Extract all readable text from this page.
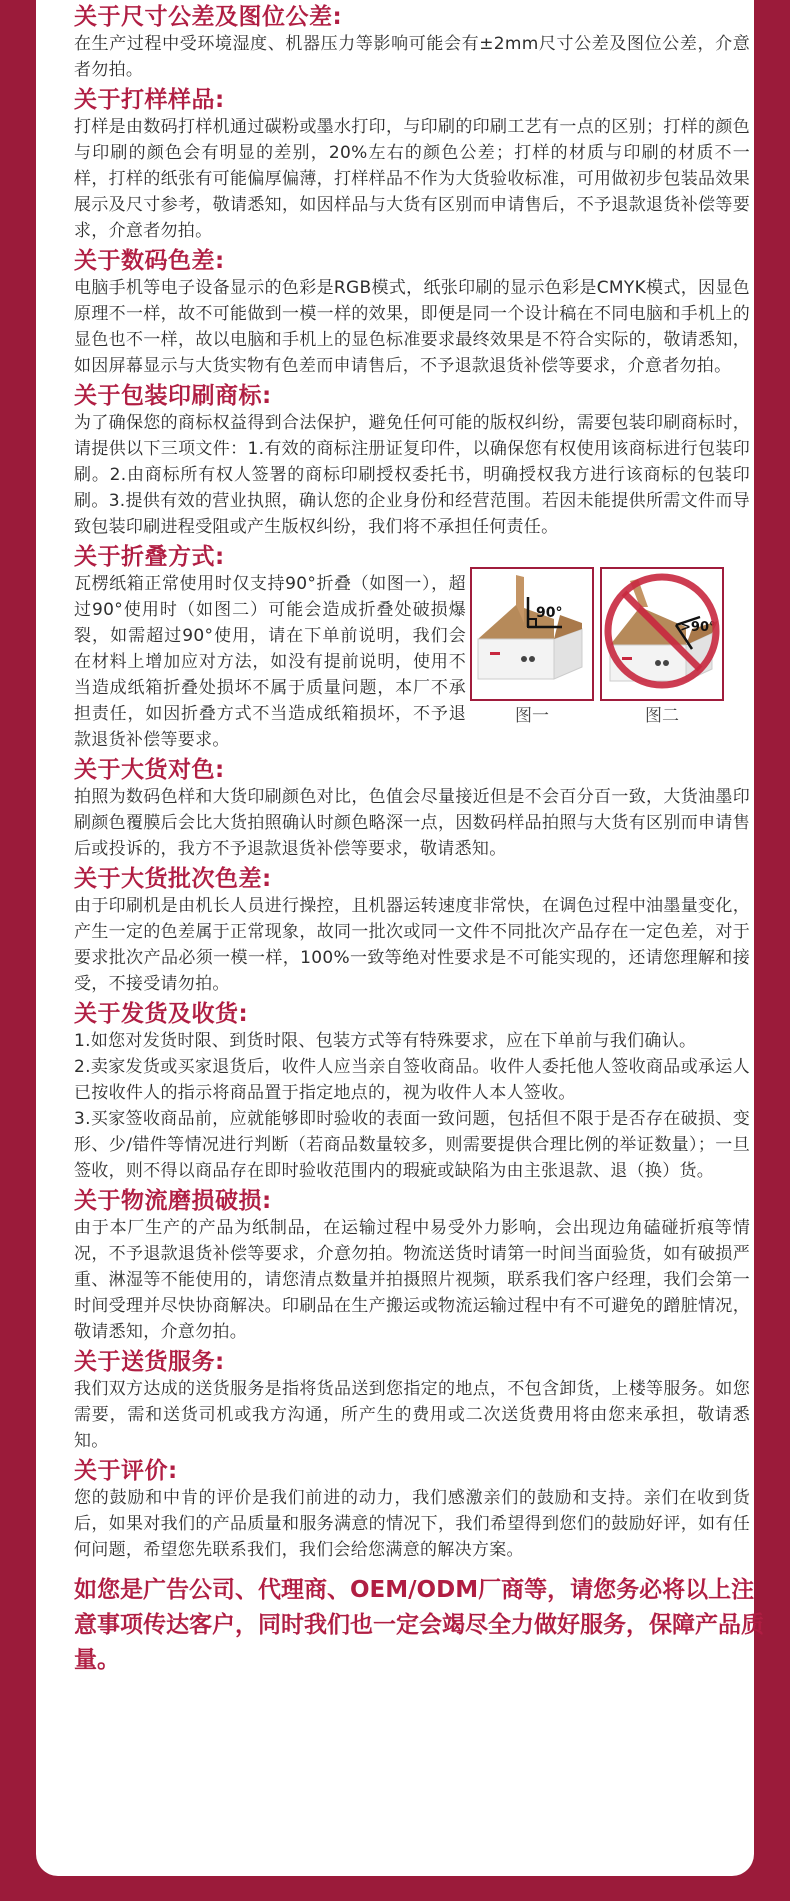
关于尺寸公差及图位公差:

在生产过程中受环境湿度、机器压力等影响可能会有±2mm尺寸公差及图位公差，介意者勿拍。

关于打样样品:

打样是由数码打样机通过碳粉或墨水打印，与印刷的印刷工艺有一点的区别；打样的颜色与印刷的颜色会有明显的差别，20%左右的颜色公差；打样的材质与印刷的材质不一样，打样的纸张有可能偏厚偏薄，打样样品不作为大货验收标准，可用做初步包装品效果展示及尺寸参考，敬请悉知，如因样品与大货有区别而申请售后，不予退款退货补偿等要求，介意者勿拍。

关于数码色差:

电脑手机等电子设备显示的色彩是RGB模式，纸张印刷的显示色彩是CMYK模式，因显色原理不一样，故不可能做到一模一样的效果，即便是同一个设计稿在不同电脑和手机上的显色也不一样，故以电脑和手机上的显色标准要求最终效果是不符合实际的，敬请悉知，如因屏幕显示与大货实物有色差而申请售后，不予退款退货补偿等要求，介意者勿拍。

关于包装印刷商标:

为了确保您的商标权益得到合法保护，避免任何可能的版权纠纷，需要包装印刷商标时，请提供以下三项文件：1.有效的商标注册证复印件，以确保您有权使用该商标进行包装印刷。2.由商标所有权人签署的商标印刷授权委托书，明确授权我方进行该商标的包装印刷。3.提供有效的营业执照，确认您的企业身份和经营范围。若因未能提供所需文件而导致包装印刷进程受阻或产生版权纠纷，我们将不承担任何责任。

关于折叠方式:

瓦楞纸箱正常使用时仅支持90°折叠（如图一），超过90°使用时（如图二）可能会造成折叠处破损爆裂，如需超过90°使用，请在下单前说明，我们会在材料上增加应对方法，如没有提前说明，使用不当造成纸箱折叠处损坏不属于质量问题，本厂不承担责任，如因折叠方式不当造成纸箱损坏，不予退款退货补偿等要求。

90°
图一
>90°
图二
关于大货对色:

拍照为数码色样和大货印刷颜色对比，色值会尽量接近但是不会百分百一致，大货油墨印刷颜色覆膜后会比大货拍照确认时颜色略深一点，因数码样品拍照与大货有区别而申请售后或投诉的，我方不予退款退货补偿等要求，敬请悉知。

关于大货批次色差:

由于印刷机是由机长人员进行操控，且机器运转速度非常快，在调色过程中油墨量变化，产生一定的色差属于正常现象，故同一批次或同一文件不同批次产品存在一定色差，对于要求批次产品必须一模一样，100%一致等绝对性要求是不可能实现的，还请您理解和接受，不接受请勿拍。

关于发货及收货:

1.如您对发货时限、到货时限、包装方式等有特殊要求，应在下单前与我们确认。

2.卖家发货或买家退货后，收件人应当亲自签收商品。收件人委托他人签收商品或承运人已按收件人的指示将商品置于指定地点的，视为收件人本人签收。

3.买家签收商品前，应就能够即时验收的表面一致问题，包括但不限于是否存在破损、变形、少/错件等情况进行判断（若商品数量较多，则需要提供合理比例的举证数量）；一旦签收，则不得以商品存在即时验收范围内的瑕疵或缺陷为由主张退款、退（换）货。

关于物流磨损破损:

由于本厂生产的产品为纸制品，在运输过程中易受外力影响，会出现边角磕碰折痕等情况，不予退款退货补偿等要求，介意勿拍。物流送货时请第一时间当面验货，如有破损严重、淋湿等不能使用的，请您清点数量并拍摄照片视频，联系我们客户经理，我们会第一时间受理并尽快协商解决。印刷品在生产搬运或物流运输过程中有不可避免的蹭脏情况，敬请悉知，介意勿拍。

关于送货服务:

我们双方达成的送货服务是指将货品送到您指定的地点，不包含卸货，上楼等服务。如您需要，需和送货司机或我方沟通，所产生的费用或二次送货费用将由您来承担，敬请悉知。

关于评价:

您的鼓励和中肯的评价是我们前进的动力，我们感激亲们的鼓励和支持。亲们在收到货后，如果对我们的产品质量和服务满意的情况下，我们希望得到您们的鼓励好评，如有任何问题，希望您先联系我们，我们会给您满意的解决方案。

如您是广告公司、代理商、OEM/ODM厂商等，请您务必将以上注意事项传达客户，同时我们也一定会竭尽全力做好服务，保障产品质量。
